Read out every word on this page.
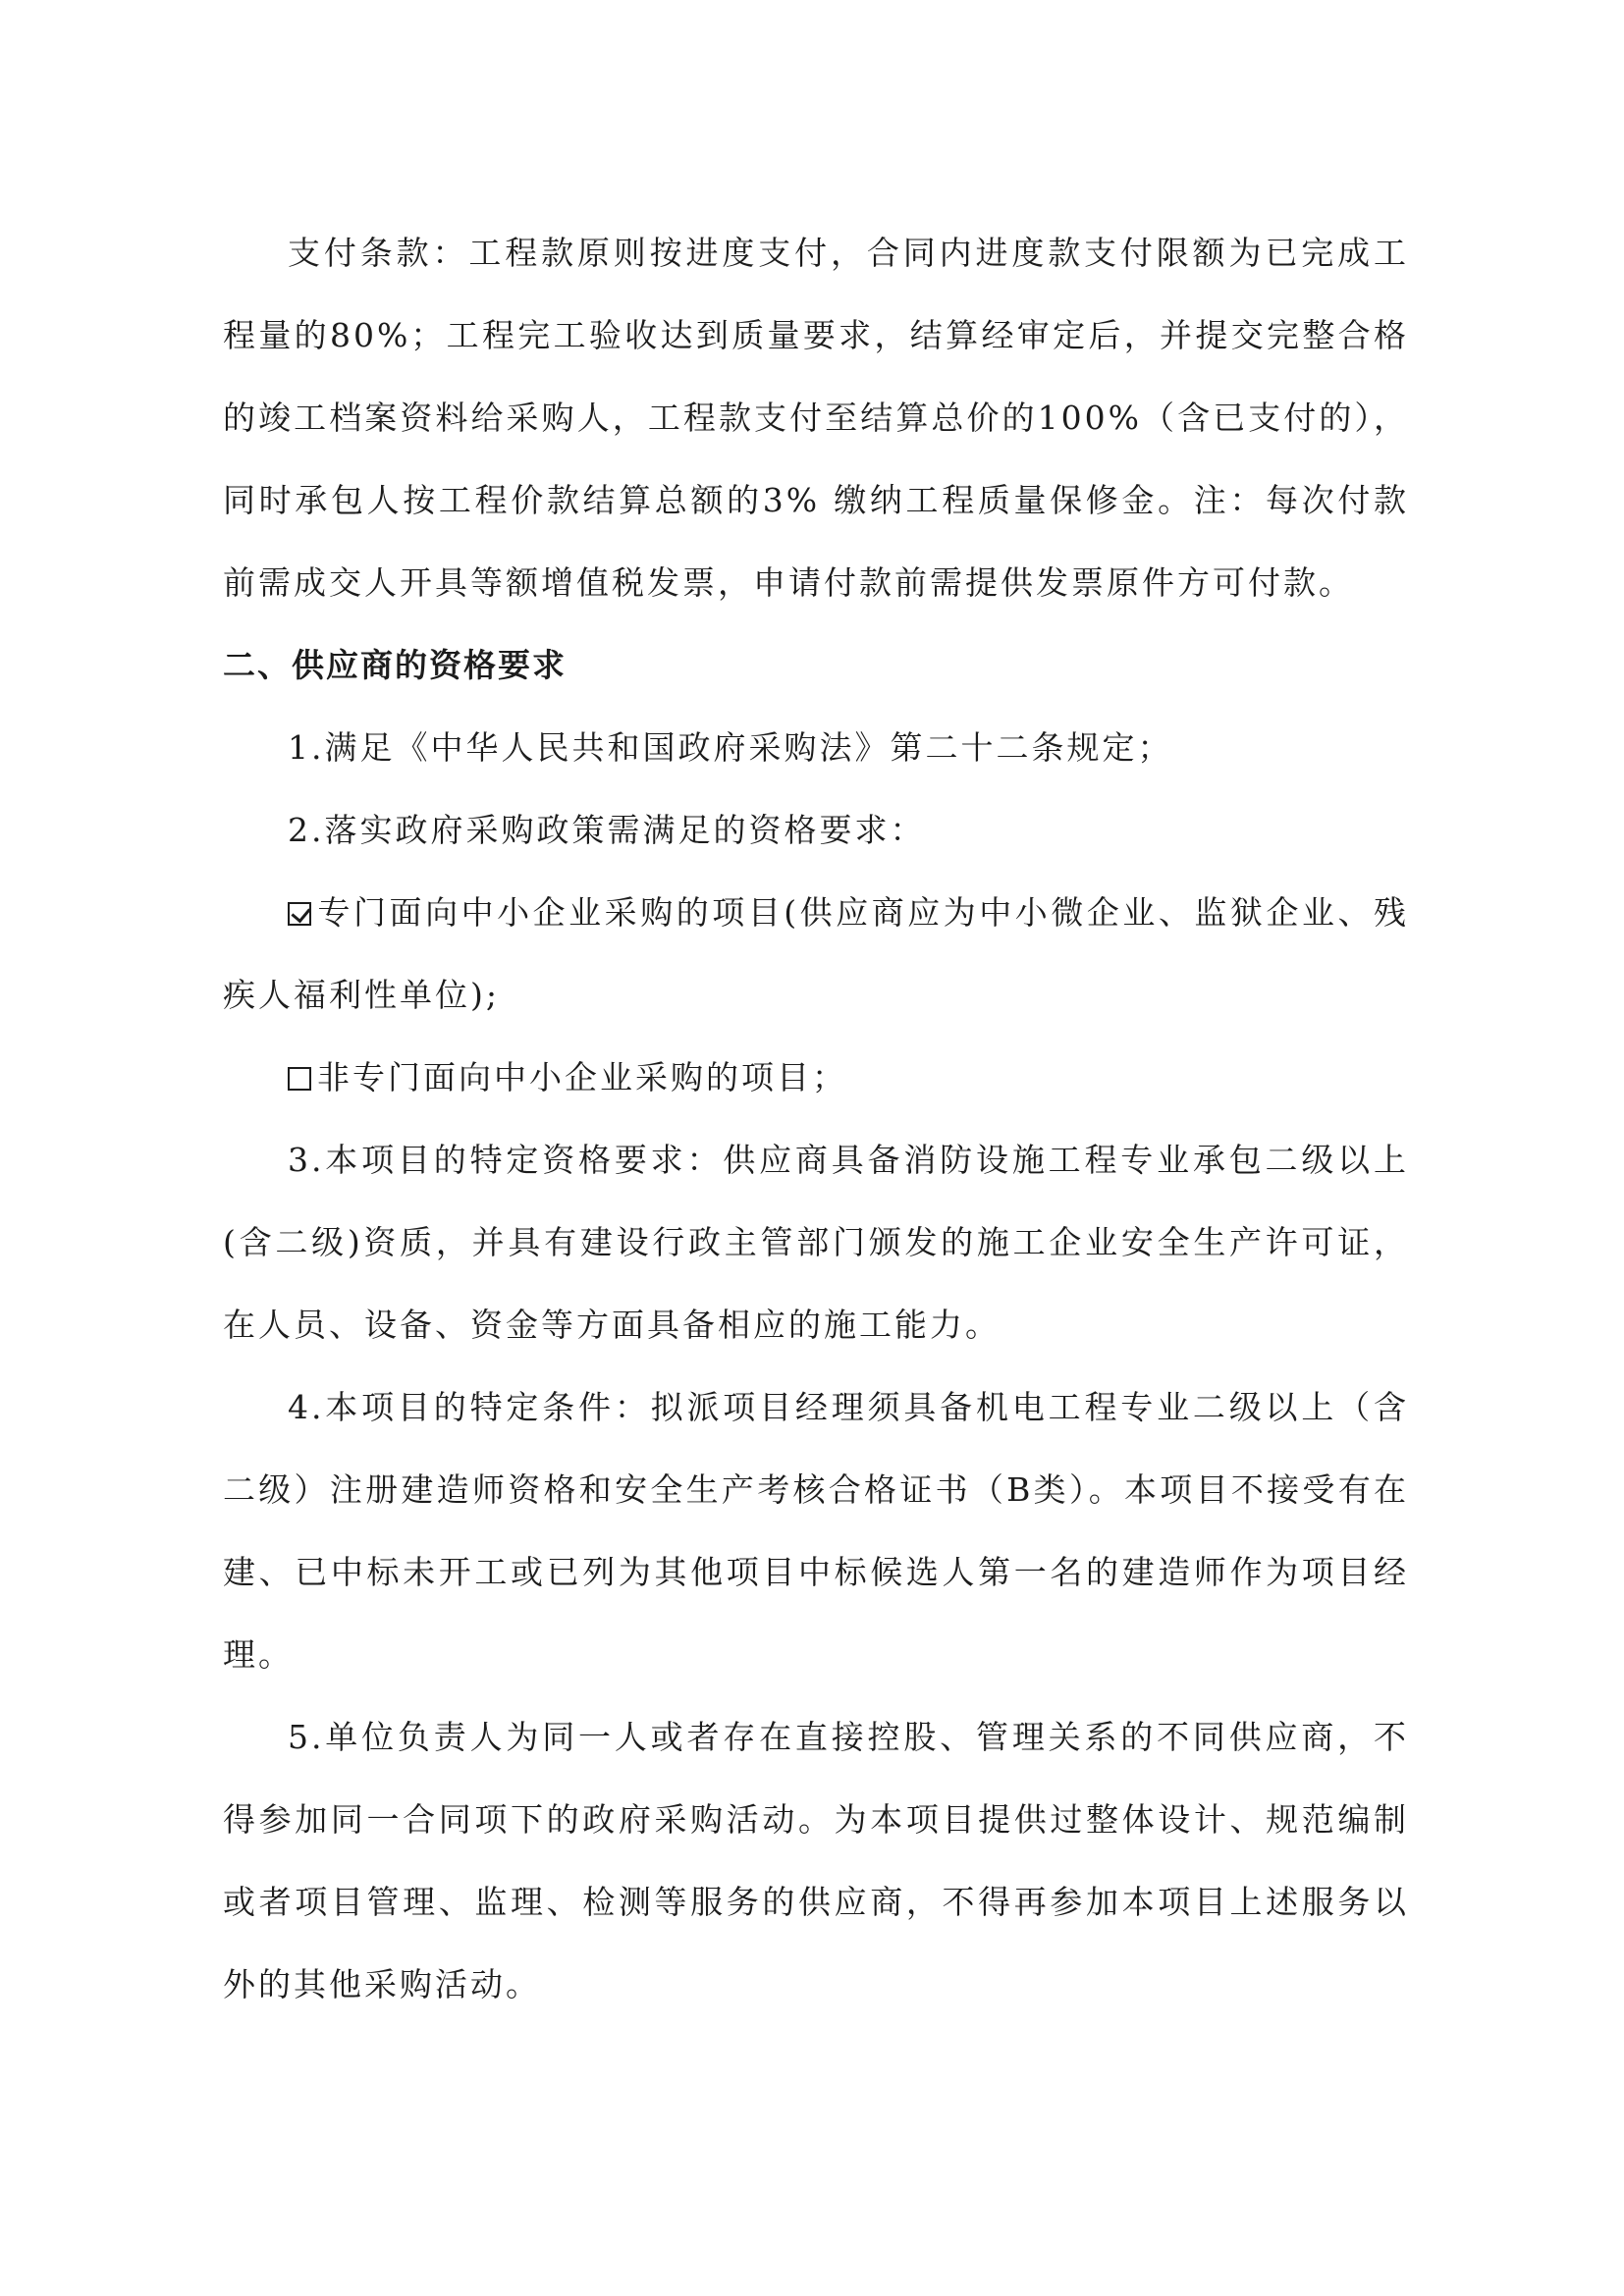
支付条款：工程款原则按进度支付，合同内进度款支付限额为已完成工程量的80%；工程完工验收达到质量要求，结算经审定后，并提交完整合格的竣工档案资料给采购人，工程款支付至结算总价的100%（含已支付的），同时承包人按工程价款结算总额的3% 缴纳工程质量保修金。注：每次付款前需成交人开具等额增值税发票，申请付款前需提供发票原件方可付款。

二、供应商的资格要求

1.满足《中华人民共和国政府采购法》第二十二条规定；

2.落实政府采购政策需满足的资格要求：

专门面向中小企业采购的项目(供应商应为中小微企业、监狱企业、残疾人福利性单位);

非专门面向中小企业采购的项目；

3.本项目的特定资格要求：供应商具备消防设施工程专业承包二级以上(含二级)资质，并具有建设行政主管部门颁发的施工企业安全生产许可证，在人员、设备、资金等方面具备相应的施工能力。

4.本项目的特定条件：拟派项目经理须具备机电工程专业二级以上（含二级）注册建造师资格和安全生产考核合格证书（B类）。本项目不接受有在建、已中标未开工或已列为其他项目中标候选人第一名的建造师作为项目经理。

5.单位负责人为同一人或者存在直接控股、管理关系的不同供应商，不得参加同一合同项下的政府采购活动。为本项目提供过整体设计、规范编制或者项目管理、监理、检测等服务的供应商，不得再参加本项目上述服务以外的其他采购活动。
